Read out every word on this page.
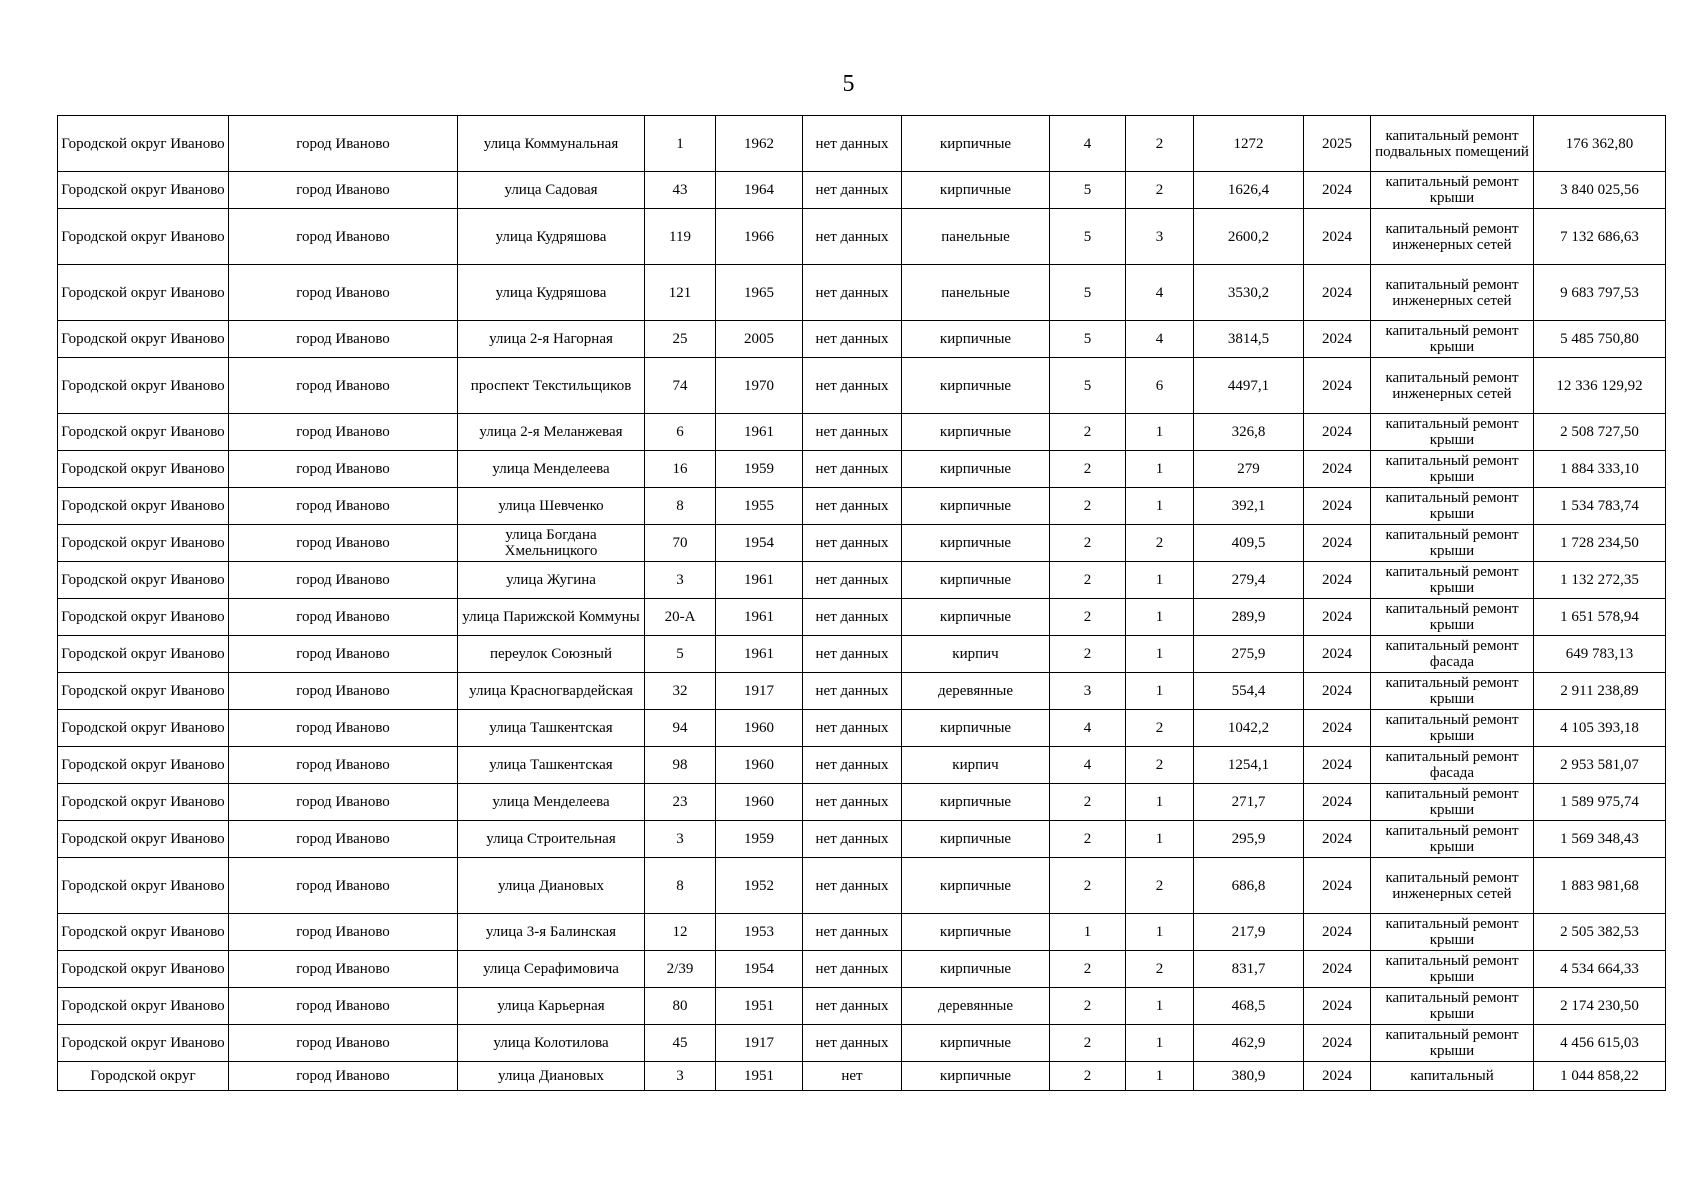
5
Городской округ Иваново	город Иваново	улица Коммунальная	1	1962	нет данных	кирпичные	4	2	1272	2025	капитальный ремонт подвальных помещений	176 362,80
Городской округ Иваново	город Иваново	улица Садовая	43	1964	нет данных	кирпичные	5	2	1626,4	2024	капитальный ремонт крыши	3 840 025,56
Городской округ Иваново	город Иваново	улица Кудряшова	119	1966	нет данных	панельные	5	3	2600,2	2024	капитальный ремонт инженерных сетей	7 132 686,63
Городской округ Иваново	город Иваново	улица Кудряшова	121	1965	нет данных	панельные	5	4	3530,2	2024	капитальный ремонт инженерных сетей	9 683 797,53
Городской округ Иваново	город Иваново	улица 2-я Нагорная	25	2005	нет данных	кирпичные	5	4	3814,5	2024	капитальный ремонт крыши	5 485 750,80
Городской округ Иваново	город Иваново	проспект Текстильщиков	74	1970	нет данных	кирпичные	5	6	4497,1	2024	капитальный ремонт инженерных сетей	12 336 129,92
Городской округ Иваново	город Иваново	улица 2-я Меланжевая	6	1961	нет данных	кирпичные	2	1	326,8	2024	капитальный ремонт крыши	2 508 727,50
Городской округ Иваново	город Иваново	улица Менделеева	16	1959	нет данных	кирпичные	2	1	279	2024	капитальный ремонт крыши	1 884 333,10
Городской округ Иваново	город Иваново	улица Шевченко	8	1955	нет данных	кирпичные	2	1	392,1	2024	капитальный ремонт крыши	1 534 783,74
Городской округ Иваново	город Иваново	улица Богдана Хмельницкого	70	1954	нет данных	кирпичные	2	2	409,5	2024	капитальный ремонт крыши	1 728 234,50
Городской округ Иваново	город Иваново	улица Жугина	3	1961	нет данных	кирпичные	2	1	279,4	2024	капитальный ремонт крыши	1 132 272,35
Городской округ Иваново	город Иваново	улица Парижской Коммуны	20-А	1961	нет данных	кирпичные	2	1	289,9	2024	капитальный ремонт крыши	1 651 578,94
Городской округ Иваново	город Иваново	переулок Союзный	5	1961	нет данных	кирпич	2	1	275,9	2024	капитальный ремонт фасада	649 783,13
Городской округ Иваново	город Иваново	улица Красногвардейская	32	1917	нет данных	деревянные	3	1	554,4	2024	капитальный ремонт крыши	2 911 238,89
Городской округ Иваново	город Иваново	улица Ташкентская	94	1960	нет данных	кирпичные	4	2	1042,2	2024	капитальный ремонт крыши	4 105 393,18
Городской округ Иваново	город Иваново	улица Ташкентская	98	1960	нет данных	кирпич	4	2	1254,1	2024	капитальный ремонт фасада	2 953 581,07
Городской округ Иваново	город Иваново	улица Менделеева	23	1960	нет данных	кирпичные	2	1	271,7	2024	капитальный ремонт крыши	1 589 975,74
Городской округ Иваново	город Иваново	улица Строительная	3	1959	нет данных	кирпичные	2	1	295,9	2024	капитальный ремонт крыши	1 569 348,43
Городской округ Иваново	город Иваново	улица Диановых	8	1952	нет данных	кирпичные	2	2	686,8	2024	капитальный ремонт инженерных сетей	1 883 981,68
Городской округ Иваново	город Иваново	улица 3-я Балинская	12	1953	нет данных	кирпичные	1	1	217,9	2024	капитальный ремонт крыши	2 505 382,53
Городской округ Иваново	город Иваново	улица Серафимовича	2/39	1954	нет данных	кирпичные	2	2	831,7	2024	капитальный ремонт крыши	4 534 664,33
Городской округ Иваново	город Иваново	улица Карьерная	80	1951	нет данных	деревянные	2	1	468,5	2024	капитальный ремонт крыши	2 174 230,50
Городской округ Иваново	город Иваново	улица Колотилова	45	1917	нет данных	кирпичные	2	1	462,9	2024	капитальный ремонт крыши	4 456 615,03
Городской округ	город Иваново	улица Диановых	3	1951	нет	кирпичные	2	1	380,9	2024	капитальный	1 044 858,22
